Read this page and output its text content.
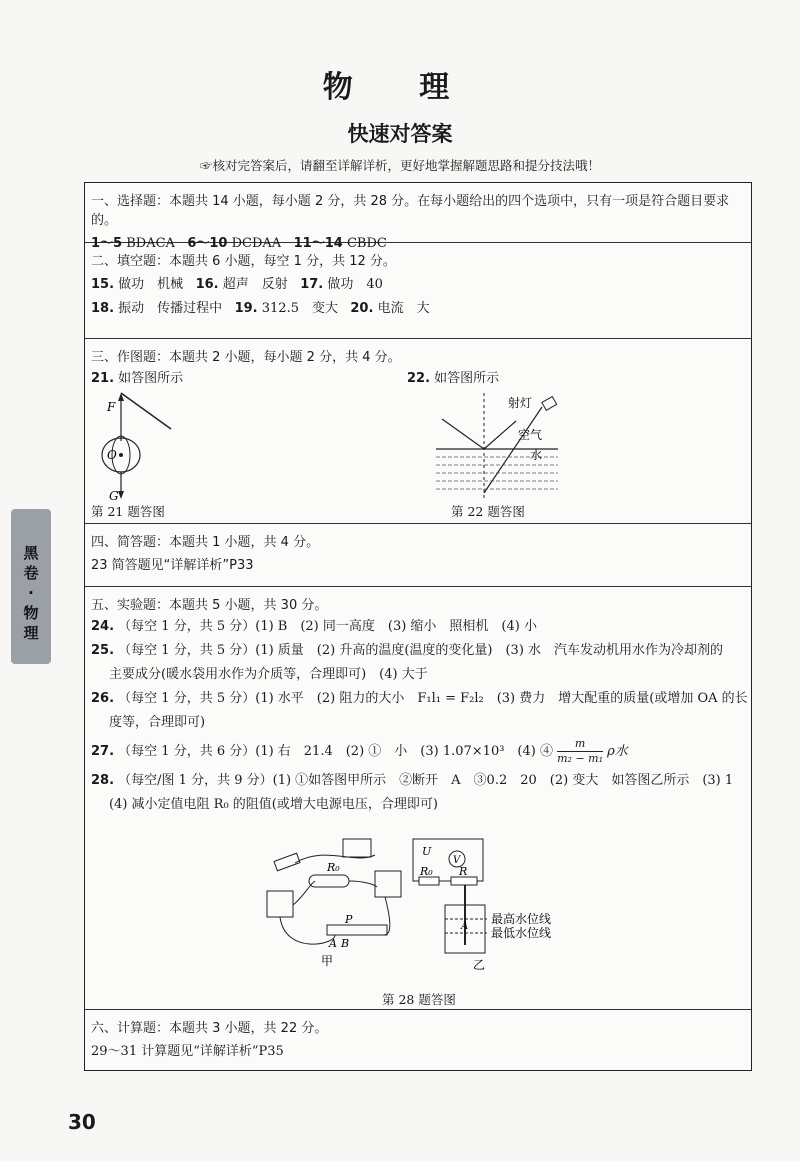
物 理
快速对答案
☞核对完答案后，请翻至详解详析，更好地掌握解题思路和提分技法哦！
黑
卷
·
物
理
一、选择题：本题共 14 小题，每小题 2 分，共 28 分。在每小题给出的四个选项中，只有一项是符合题目要求的。
1～5 BDACA 6～10 DCDAA 11～14 CBDC
二、填空题：本题共 6 小题，每空 1 分，共 12 分。
15. 做功　机械 16. 超声　反射 17. 做功　40
18. 振动　传播过程中 19. 312.5　变大 20. 电流　大
三、作图题：本题共 2 小题，每小题 2 分，共 4 分。
21. 如答图所示	22. 如答图所示
F
O
G
第 21 题答图
射灯
空气
水
第 22 题答图
四、简答题：本题共 1 小题，共 4 分。
23 简答题见“详解详析”P33
五、实验题：本题共 5 小题，共 30 分。
24. （每空 1 分，共 5 分）(1) B　(2) 同一高度　(3) 缩小　照相机　(4) 小
25. （每空 1 分，共 5 分）(1) 质量　(2) 升高的温度(温度的变化量)　(3) 水　汽车发动机用水作为冷却剂的
主要成分(暖水袋用水作为介质等，合理即可)　(4) 大于
26. （每空 1 分，共 5 分）(1) 水平　(2) 阻力的大小　F₁l₁ = F₂l₂　(3) 费力　增大配重的质量(或增加 OA 的长
度等，合理即可)
27. （每空 1 分，共 6 分）(1) 右　21.4　(2) ①　小　(3) 1.07×10³　(4) ④ $\frac{m}{\text{m₂ − m₁}}$ ρ水
28. （每空/图 1 分，共 9 分）(1) ①如答图甲所示　②断开　A　③0.2　20　(2) 变大　如答图乙所示　(3) 1
(4) 减小定值电阻 R₀ 的阻值(或增大电源电压，合理即可)
R₀
P
A B
甲
U
V
R₀ R
A
最高水位线
最低水位线
乙
第 28 题答图
六、计算题：本题共 3 小题，共 22 分。
29～31 计算题见“详解详析”P35
30
